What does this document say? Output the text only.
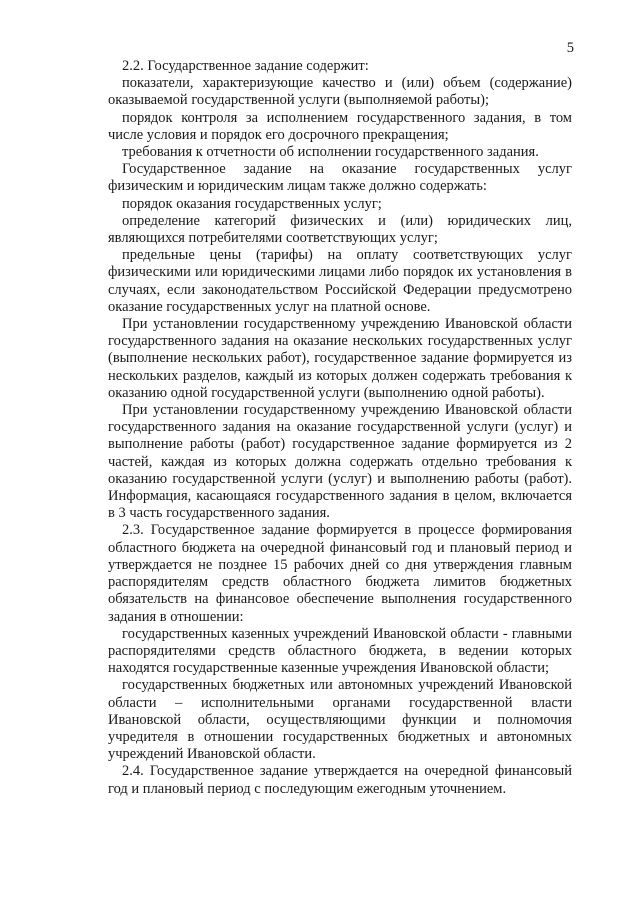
5

2.2. Государственное задание содержит:

показатели, характеризующие качество и (или) объем (содержание) оказываемой государственной услуги (выполняемой работы);

порядок контроля за исполнением государственного задания, в том числе условия и порядок его досрочного прекращения;

требования к отчетности об исполнении государственного задания.

Государственное задание на оказание государственных услуг физическим и юридическим лицам также должно содержать:

порядок оказания государственных услуг;

определение категорий физических и (или) юридических лиц, являющихся потребителями соответствующих услуг;

предельные цены (тарифы) на оплату соответствующих услуг физическими или юридическими лицами либо порядок их установления в случаях, если законодательством Российской Федерации предусмотрено оказание государственных услуг на платной основе.

При установлении государственному учреждению Ивановской области государственного задания на оказание нескольких государственных услуг (выполнение нескольких работ), государственное задание формируется из нескольких разделов, каждый из которых должен содержать требования к оказанию одной государственной услуги (выполнению одной работы).

При установлении государственному учреждению Ивановской области государственного задания на оказание государственной услуги (услуг) и выполнение работы (работ) государственное задание формируется из 2 частей, каждая из которых должна содержать отдельно требования к оказанию государственной услуги (услуг) и выполнению работы (работ). Информация, касающаяся государственного задания в целом, включается в 3 часть государственного задания.

2.3. Государственное задание формируется в процессе формирования областного бюджета на очередной финансовый год и плановый период и утверждается не позднее 15 рабочих дней со дня утверждения главным распорядителям средств областного бюджета лимитов бюджетных обязательств на финансовое обеспечение выполнения государственного задания в отношении:

государственных казенных учреждений Ивановской области - главными распорядителями средств областного бюджета, в ведении которых находятся государственные казенные учреждения Ивановской области;

государственных бюджетных или автономных учреждений Ивановской области – исполнительными органами государственной власти Ивановской области, осуществляющими функции и полномочия учредителя в отношении государственных бюджетных и автономных учреждений Ивановской области.

2.4. Государственное задание утверждается на очередной финансовый год и плановый период с последующим ежегодным уточнением.
